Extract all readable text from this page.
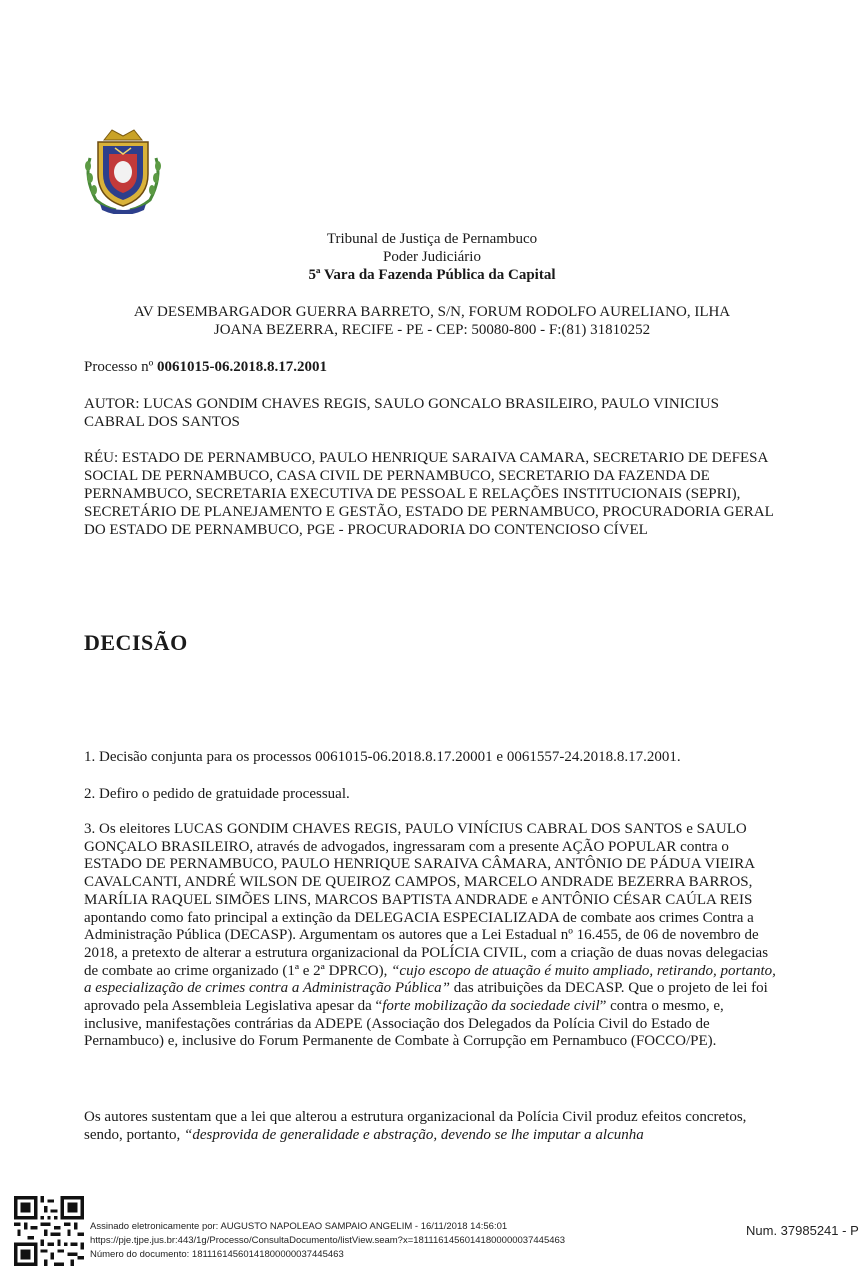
Tribunal de Justiça de Pernambuco
Poder Judiciário
5ª Vara da Fazenda Pública da Capital
AV DESEMBARGADOR GUERRA BARRETO, S/N, FORUM RODOLFO AURELIANO, ILHA
JOANA BEZERRA, RECIFE - PE - CEP: 50080-800 - F:(81) 31810252
Processo nº 0061015-06.2018.8.17.2001
AUTOR: LUCAS GONDIM CHAVES REGIS, SAULO GONCALO BRASILEIRO, PAULO VINICIUS CABRAL DOS SANTOS
RÉU: ESTADO DE PERNAMBUCO, PAULO HENRIQUE SARAIVA CAMARA, SECRETARIO DE DEFESA SOCIAL DE PERNAMBUCO, CASA CIVIL DE PERNAMBUCO, SECRETARIO DA FAZENDA DE PERNAMBUCO, SECRETARIA EXECUTIVA DE PESSOAL E RELAÇÕES INSTITUCIONAIS (SEPRI), SECRETÁRIO DE PLANEJAMENTO E GESTÃO, ESTADO DE PERNAMBUCO, PROCURADORIA GERAL DO ESTADO DE PERNAMBUCO, PGE - PROCURADORIA DO CONTENCIOSO CÍVEL
DECISÃO
1. Decisão conjunta para os processos 0061015-06.2018.8.17.20001 e 0061557-24.2018.8.17.2001.
2. Defiro o pedido de gratuidade processual.
3. Os eleitores LUCAS GONDIM CHAVES REGIS, PAULO VINÍCIUS CABRAL DOS SANTOS e SAULO GONÇALO BRASILEIRO, através de advogados, ingressaram com a presente AÇÃO POPULAR contra o ESTADO DE PERNAMBUCO, PAULO HENRIQUE SARAIVA CÂMARA, ANTÔNIO DE PÁDUA VIEIRA CAVALCANTI, ANDRÉ WILSON DE QUEIROZ CAMPOS, MARCELO ANDRADE BEZERRA BARROS, MARÍLIA RAQUEL SIMÕES LINS, MARCOS BAPTISTA ANDRADE e ANTÔNIO CÉSAR CAÚLA REIS apontando como fato principal a extinção da DELEGACIA ESPECIALIZADA de combate aos crimes Contra a Administração Pública (DECASP). Argumentam os autores que a Lei Estadual nº 16.455, de 06 de novembro de 2018, a pretexto de alterar a estrutura organizacional da POLÍCIA CIVIL, com a criação de duas novas delegacias de combate ao crime organizado (1ª e 2ª DPRCO), “cujo escopo de atuação é muito ampliado, retirando, portanto, a especialização de crimes contra a Administração Pública” das atribuições da DECASP. Que o projeto de lei foi aprovado pela Assembleia Legislativa apesar da “forte mobilização da sociedade civil” contra o mesmo, e, inclusive, manifestações contrárias da ADEPE (Associação dos Delegados da Polícia Civil do Estado de Pernambuco) e, inclusive do Forum Permanente de Combate à Corrupção em Pernambuco (FOCCO/PE).
Os autores sustentam que a lei que alterou a estrutura organizacional da Polícia Civil produz efeitos concretos, sendo, portanto, “desprovida de generalidade e abstração, devendo se lhe imputar a alcunha
Assinado eletronicamente por: AUGUSTO NAPOLEAO SAMPAIO ANGELIM - 16/11/2018 14:56:01
https://pje.tjpe.jus.br:443/1g/Processo/ConsultaDocumento/listView.seam?x=18111614560141800000037445463
Número do documento: 18111614560141800000037445463
Num. 37985241 - P
